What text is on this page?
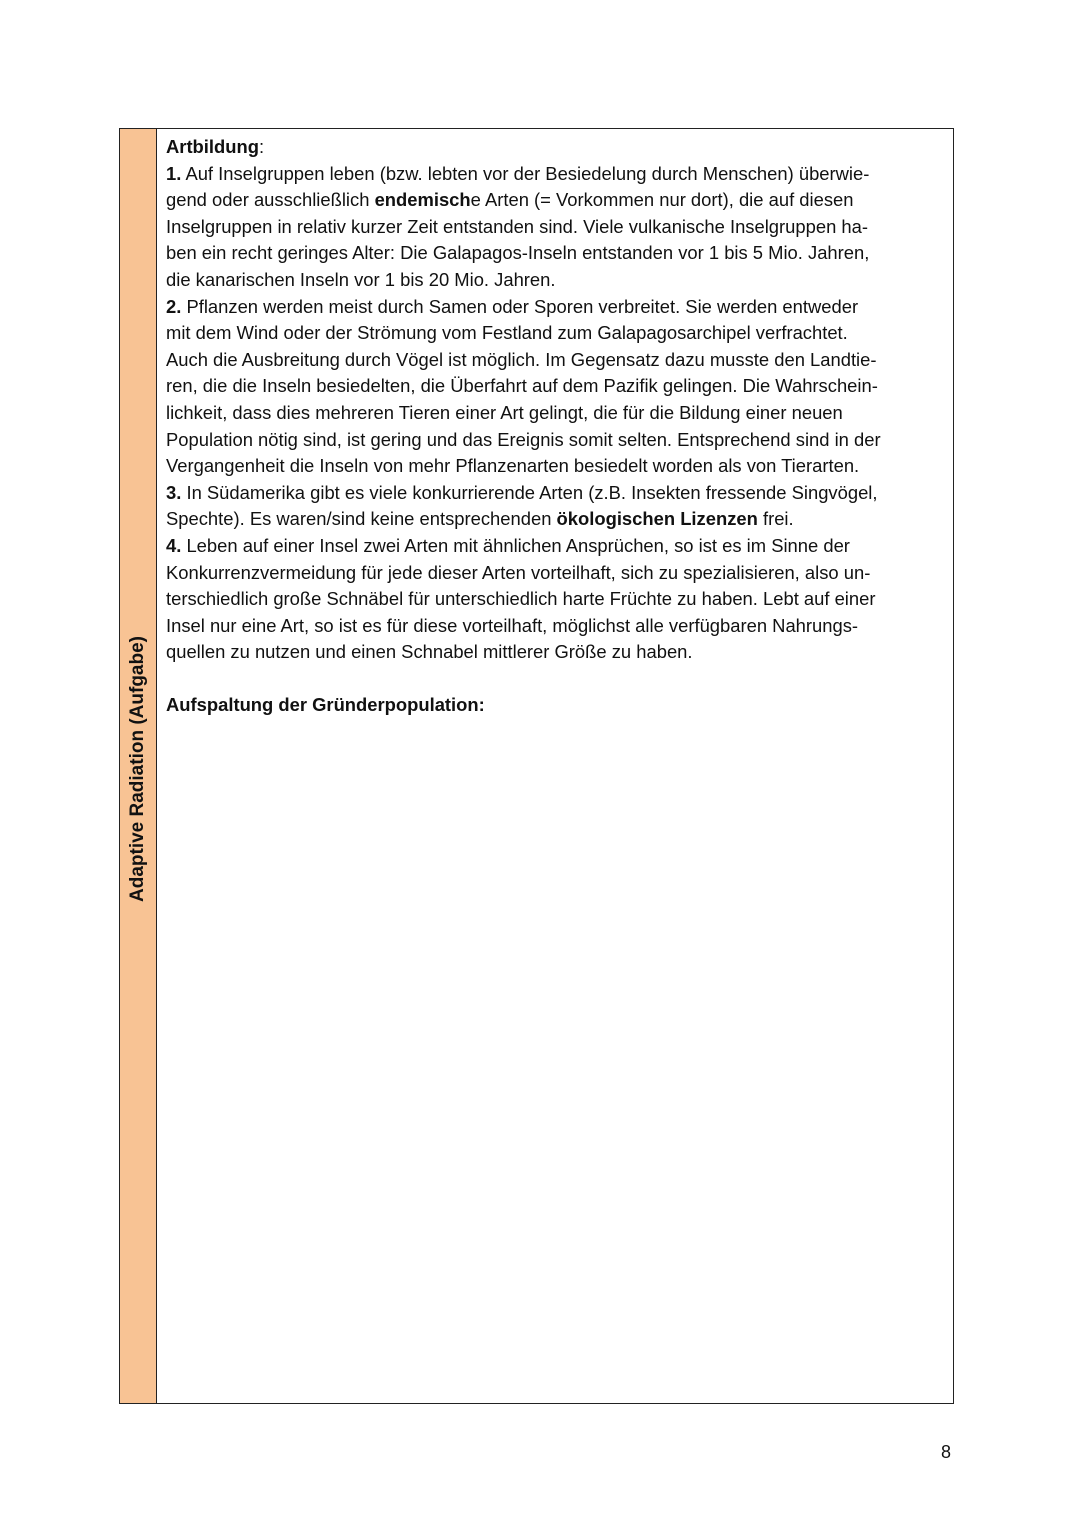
Adaptive Radiation (Aufgabe)

Artbildung:

1. Auf Inselgruppen leben (bzw. lebten vor der Besiedelung durch Menschen) überwie-

gend oder ausschließlich endemische Arten (= Vorkommen nur dort), die auf diesen

Inselgruppen in relativ kurzer Zeit entstanden sind. Viele vulkanische Inselgruppen ha-

ben ein recht geringes Alter: Die Galapagos-Inseln entstanden vor 1 bis 5 Mio. Jahren,

die kanarischen Inseln vor 1 bis 20 Mio. Jahren.

2. Pflanzen werden meist durch Samen oder Sporen verbreitet. Sie werden entweder

mit dem Wind oder der Strömung vom Festland zum Galapagosarchipel verfrachtet.

Auch die Ausbreitung durch Vögel ist möglich. Im Gegensatz dazu musste den Landtie-

ren, die die Inseln besiedelten, die Überfahrt auf dem Pazifik gelingen. Die Wahrschein-

lichkeit, dass dies mehreren Tieren einer Art gelingt, die für die Bildung einer neuen

Population nötig sind, ist gering und das Ereignis somit selten. Entsprechend sind in der

Vergangenheit die Inseln von mehr Pflanzenarten besiedelt worden als von Tierarten.

3. In Südamerika gibt es viele konkurrierende Arten (z.B. Insekten fressende Singvögel,

Spechte). Es waren/sind keine entsprechenden ökologischen Lizenzen frei.

4. Leben auf einer Insel zwei Arten mit ähnlichen Ansprüchen, so ist es im Sinne der

Konkurrenzvermeidung für jede dieser Arten vorteilhaft, sich zu spezialisieren, also un-

terschiedlich große Schnäbel für unterschiedlich harte Früchte zu haben. Lebt auf einer

Insel nur eine Art, so ist es für diese vorteilhaft, möglichst alle verfügbaren Nahrungs-

quellen zu nutzen und einen Schnabel mittlerer Größe zu haben.

Aufspaltung der Gründerpopulation:

8
